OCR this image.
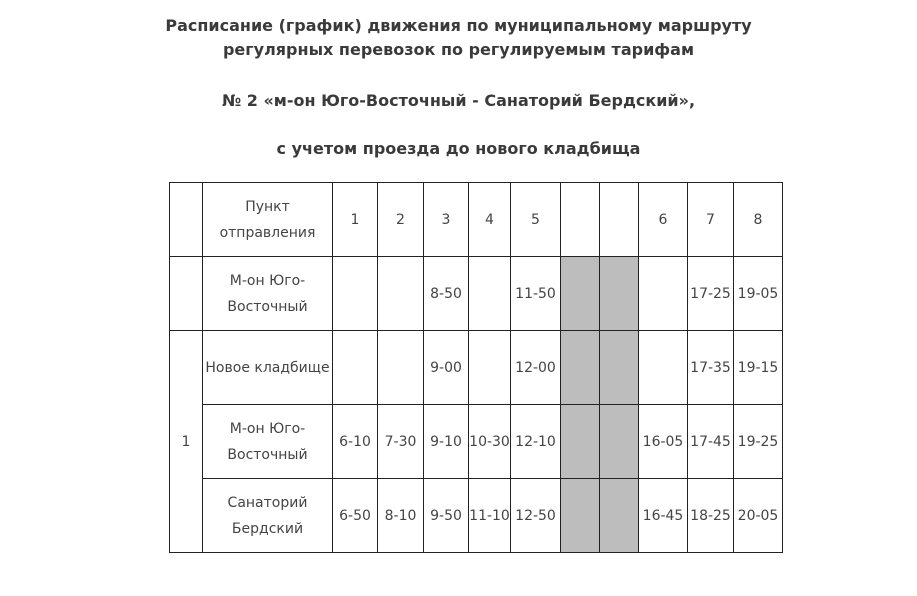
Расписание (график) движения по муниципальному маршруту
регулярных перевозок по регулируемым тарифам
№ 2 «м-он Юго-Восточный - Санаторий Бердский»,
с учетом проезда до нового кладбища
	Пункт отправления	1	2	3	4	5			6	7	8
	М-он Юго-Восточный			8-50		11-50				17-25	19-05
1	Новое кладбище			9-00		12-00				17-35	19-15
	М-он Юго-Восточный	6-10	7-30	9-10	10-30	12-10			16-05	17-45	19-25
	Санаторий Бердский	6-50	8-10	9-50	11-10	12-50			16-45	18-25	20-05
